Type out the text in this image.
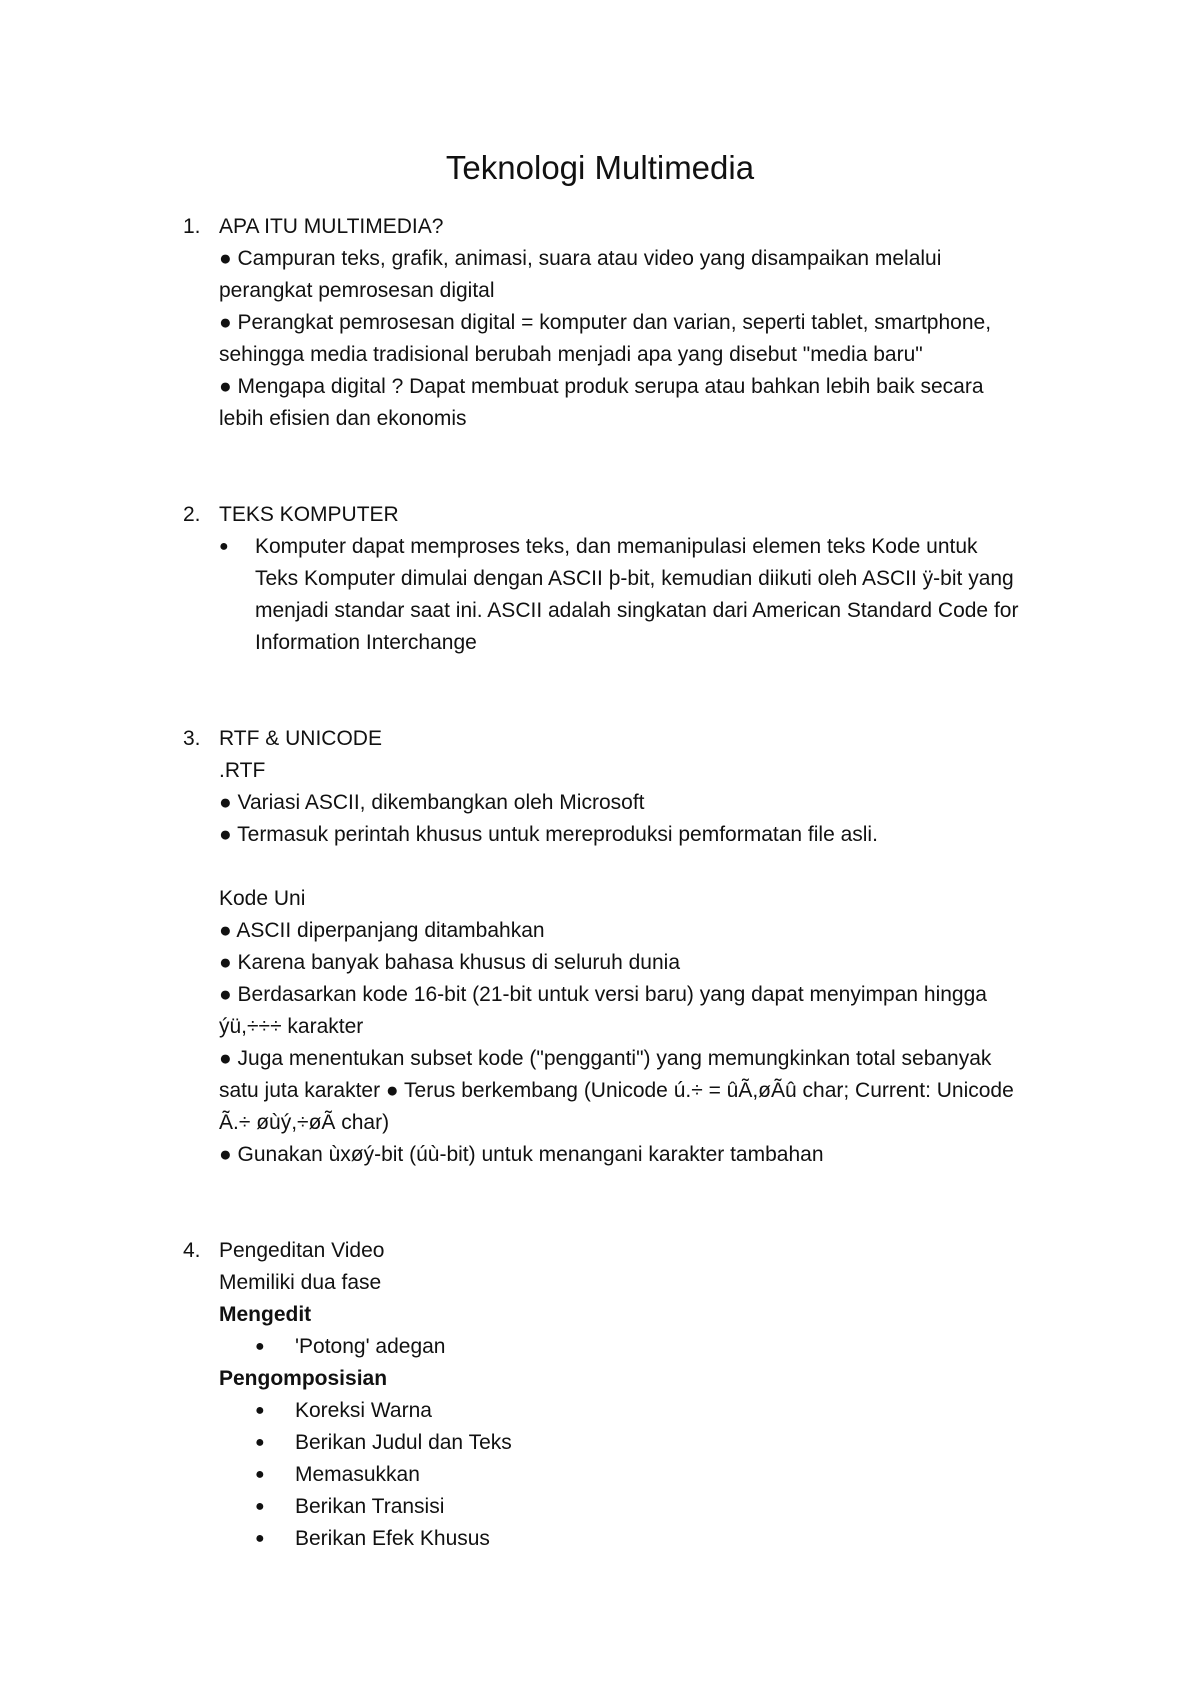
Teknologi Multimedia
1. APA ITU MULTIMEDIA?
● Campuran teks, grafik, animasi, suara atau video yang disampaikan melalui
perangkat pemrosesan digital
● Perangkat pemrosesan digital = komputer dan varian, seperti tablet, smartphone,
sehingga media tradisional berubah menjadi apa yang disebut "media baru"
● Mengapa digital ? Dapat membuat produk serupa atau bahkan lebih baik secara
lebih efisien dan ekonomis
2. TEKS KOMPUTER
● Komputer dapat memproses teks, dan memanipulasi elemen teks Kode untuk
Teks Komputer dimulai dengan ASCII þ-bit, kemudian diikuti oleh ASCII ÿ-bit yang
menjadi standar saat ini. ASCII adalah singkatan dari American Standard Code for
Information Interchange
3. RTF & UNICODE
.RTF
● Variasi ASCII, dikembangkan oleh Microsoft
● Termasuk perintah khusus untuk mereproduksi pemformatan file asli.
Kode Uni
● ASCII diperpanjang ditambahkan
● Karena banyak bahasa khusus di seluruh dunia
● Berdasarkan kode 16-bit (21-bit untuk versi baru) yang dapat menyimpan hingga
ýü,÷÷÷ karakter
● Juga menentukan subset kode ("pengganti") yang memungkinkan total sebanyak
satu juta karakter ● Terus berkembang (Unicode ú.÷ = ûÃ,øÃû char; Current: Unicode
Ã.÷ øùý,÷øÃ char)
● Gunakan ùxøý-bit (úù-bit) untuk menangani karakter tambahan
4. Pengeditan Video
Memiliki dua fase
Mengedit
● 'Potong' adegan
Pengomposisian
● Koreksi Warna
● Berikan Judul dan Teks
● Memasukkan
● Berikan Transisi
● Berikan Efek Khusus
